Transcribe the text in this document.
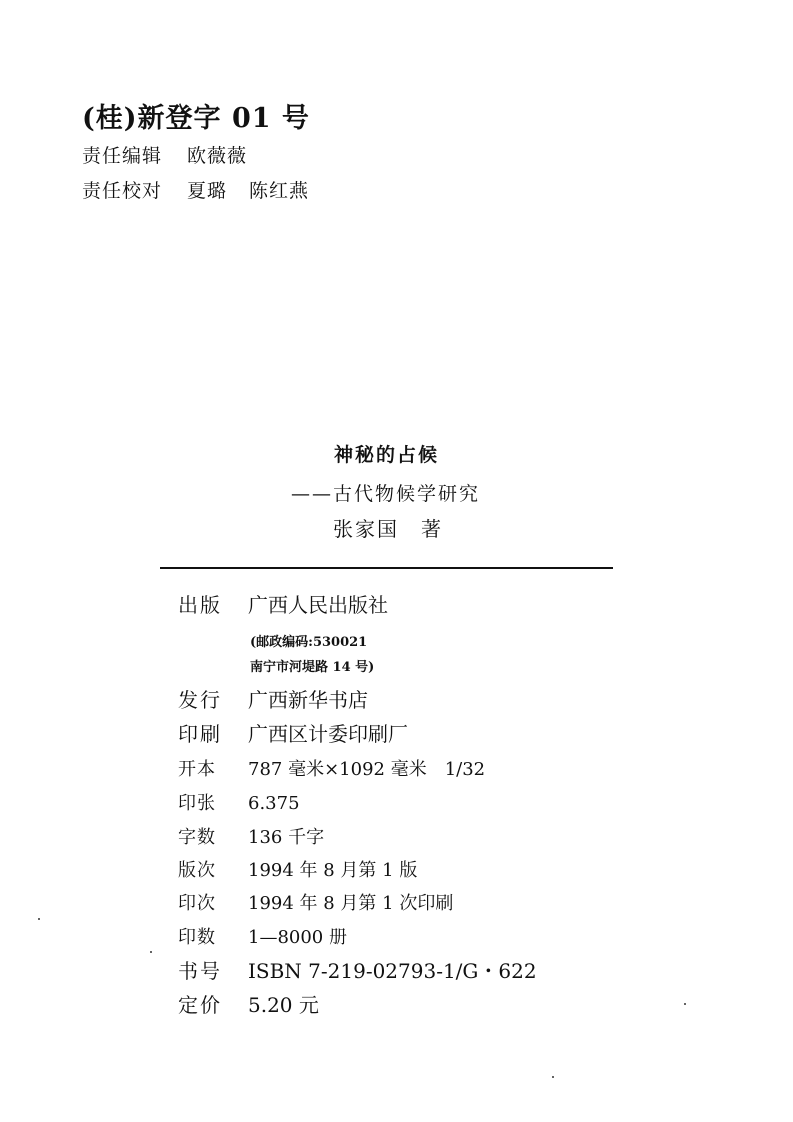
(桂)新登字 01 号
责任编辑 欧薇薇
责任校对 夏璐 陈红燕
神秘的占候
——古代物候学研究
张家国 著
出版 广西人民出版社
(邮政编码:530021
南宁市河堤路 14 号)
发行 广西新华书店
印刷 广西区计委印刷厂
开本 787 毫米×1092 毫米　1/32
印张 6.375
字数 136 千字
版次 1994 年 8 月第 1 版
印次 1994 年 8 月第 1 次印刷
印数 1—8000 册
书号 ISBN 7-219-02793-1/G・622
定价 5.20 元
